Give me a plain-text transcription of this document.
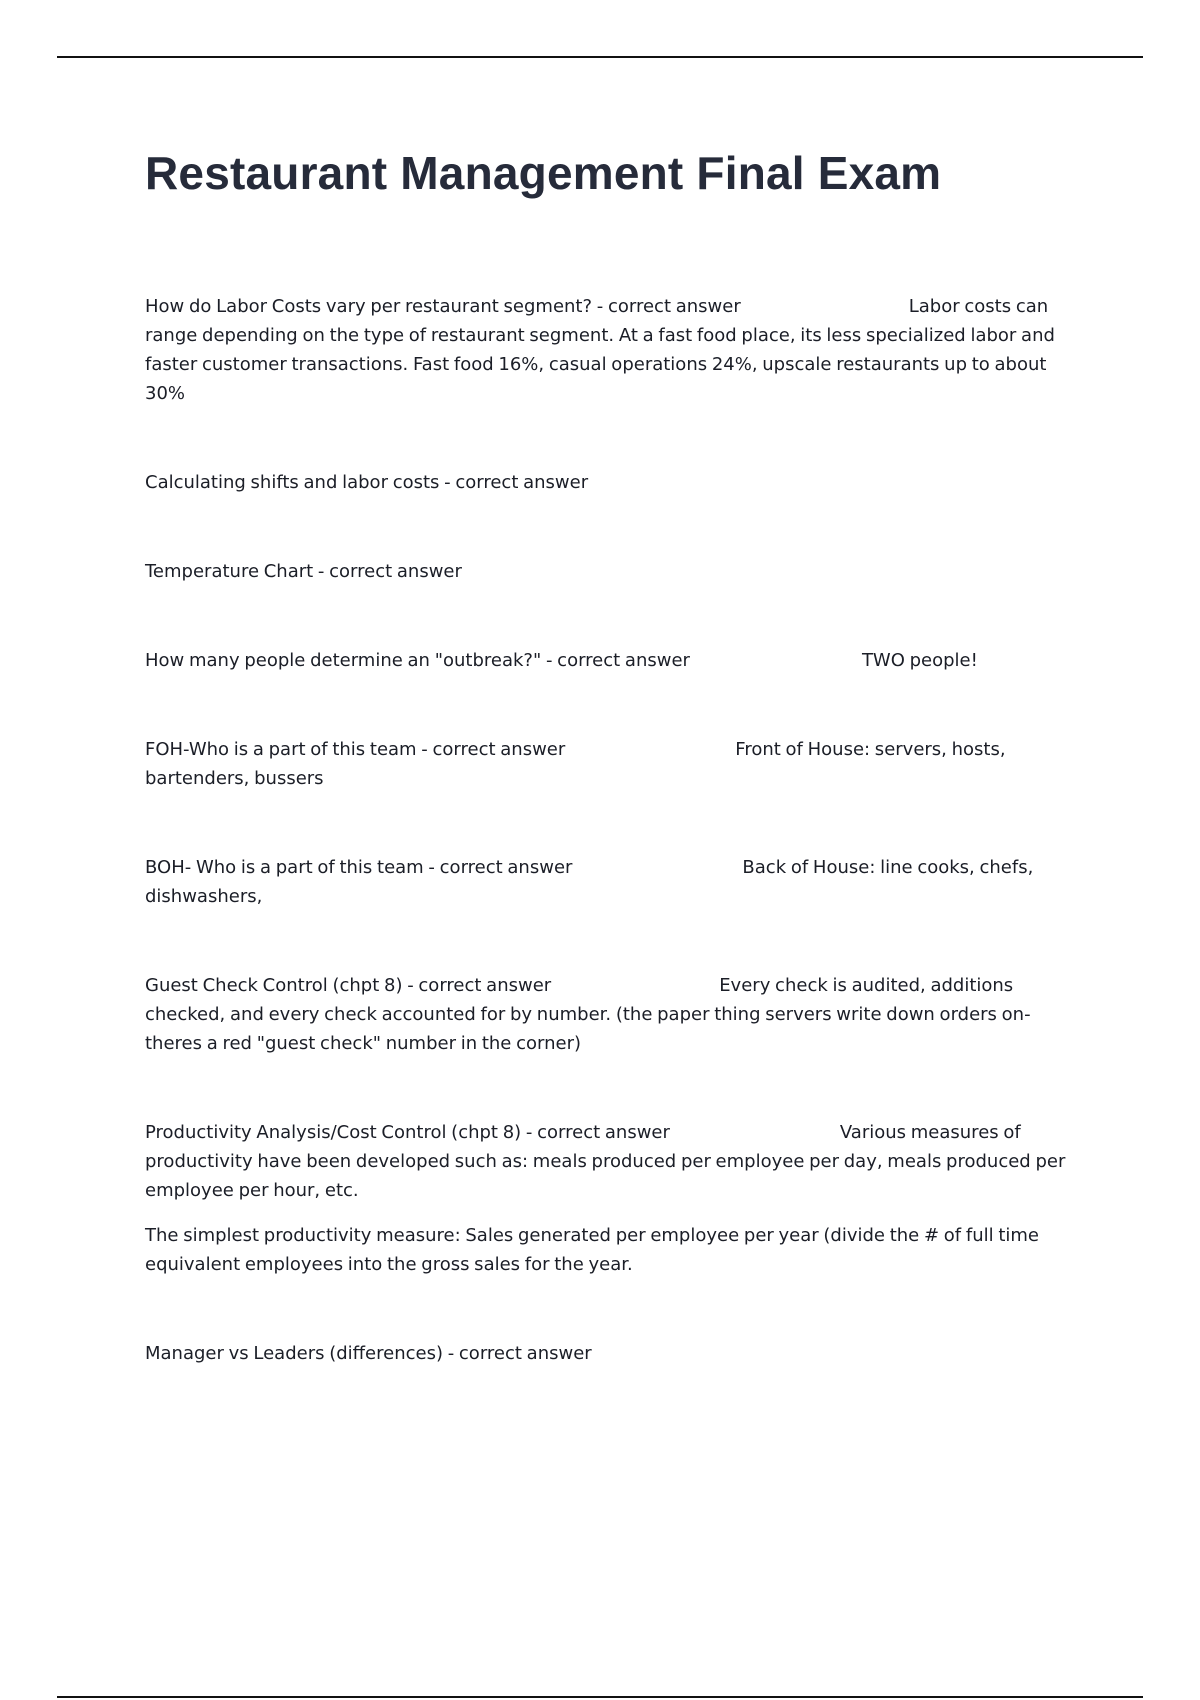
Restaurant Management Final Exam

How do Labor Costs vary per restaurant segment? - correct answer	Labor costs can range depending on the type of restaurant segment. At a fast food place, its less specialized labor and faster customer transactions. Fast food 16%, casual operations 24%, upscale restaurants up to about 30%

Calculating shifts and labor costs - correct answer

Temperature Chart - correct answer

How many people determine an "outbreak?" - correct answer	TWO people!

FOH-Who is a part of this team - correct answer	Front of House: servers, hosts, bartenders, bussers

BOH- Who is a part of this team - correct answer	Back of House: line cooks, chefs, dishwashers,

Guest Check Control (chpt 8) - correct answer	Every check is audited, additions checked, and every check accounted for by number. (the paper thing servers write down orders on- theres a red "guest check" number in the corner)

Productivity Analysis/Cost Control (chpt 8) - correct answer	Various measures of productivity have been developed such as: meals produced per employee per day, meals produced per employee per hour, etc.

The simplest productivity measure: Sales generated per employee per year (divide the # of full time equivalent employees into the gross sales for the year.

Manager vs Leaders (differences) - correct answer
